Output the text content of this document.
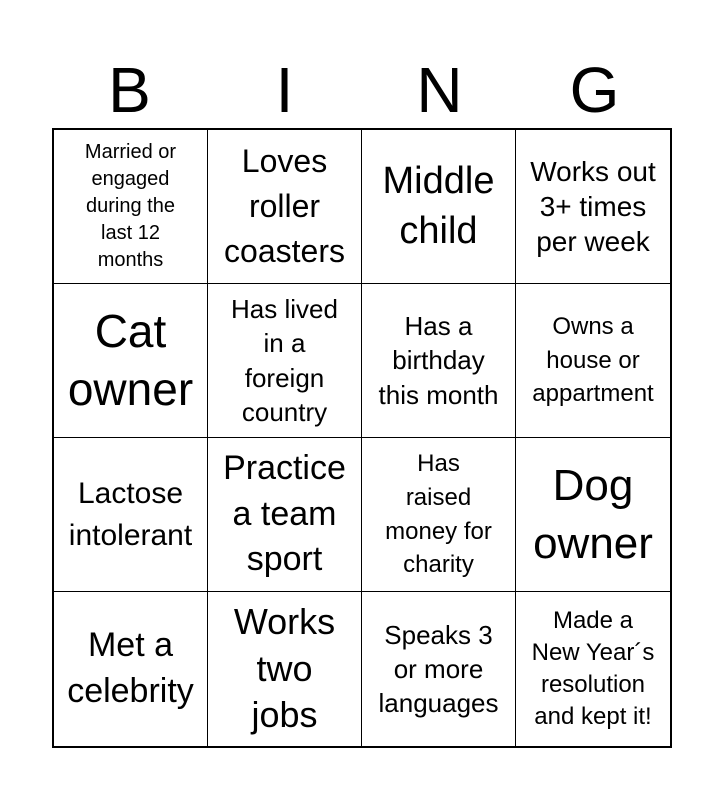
B	I	N	G
Married or
engaged
during the
last 12
months
Loves
roller
coasters
Middle
child
Works out
3+ times
per week
Cat
owner
Has lived
in a
foreign
country
Has a
birthday
this month
Owns a
house or
appartment
Lactose
intolerant
Practice
a team
sport
Has
raised
money for
charity
Dog
owner
Met a
celebrity
Works
two
jobs
Speaks 3
or more
languages
Made a
New Year´s
resolution
and kept it!
